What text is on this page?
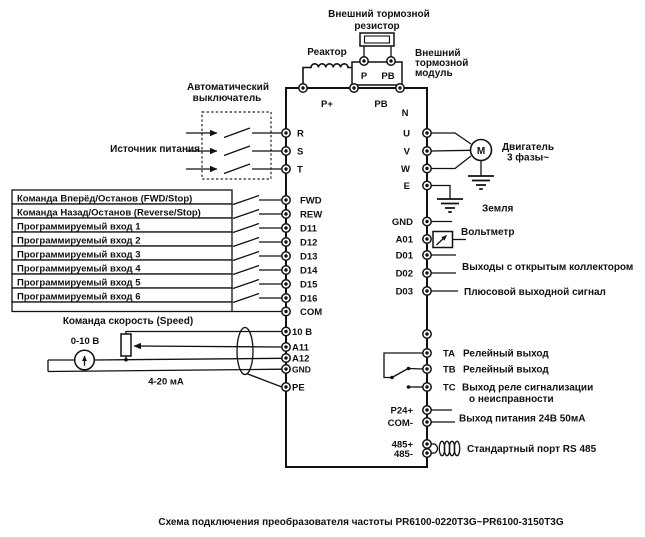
Внешний тормозной
резистор
Реактор
P PB
Внешний
тормозной
модуль
P+	PB
N
Автоматический
выключатель
Источник питания
R
S
T
Команда Вперёд/Останов (FWD/Stop)	FWD
Команда Назад/Останов (Reverse/Stop)	REW
Программируемый вход 1	D11
Программируемый вход 2	D12
Программируемый вход 3	D13
Программируемый вход 4	D14
Программируемый вход 5	D15
Программируемый вход 6	D16
COM
Команда скорость (Speed)
0-10 В
4-20 мА
10 В
A11
A12
GND
PE
U
V
W
E
М Двигатель
3 фазы~
Земля
GND
A01
Вольтметр
D01
D02
Выходы с открытым коллектором
D03	Плюсовой выходной сигнал
TA Релейный выход
TB Релейный выход
TC Выход реле сигнализации
о неисправности
P24+
COM-	Выход питания 24В 50мА
485+
485-	Стандартный порт RS 485
Схема подключения преобразователя частоты PR6100-0220T3G~PR6100-3150T3G
